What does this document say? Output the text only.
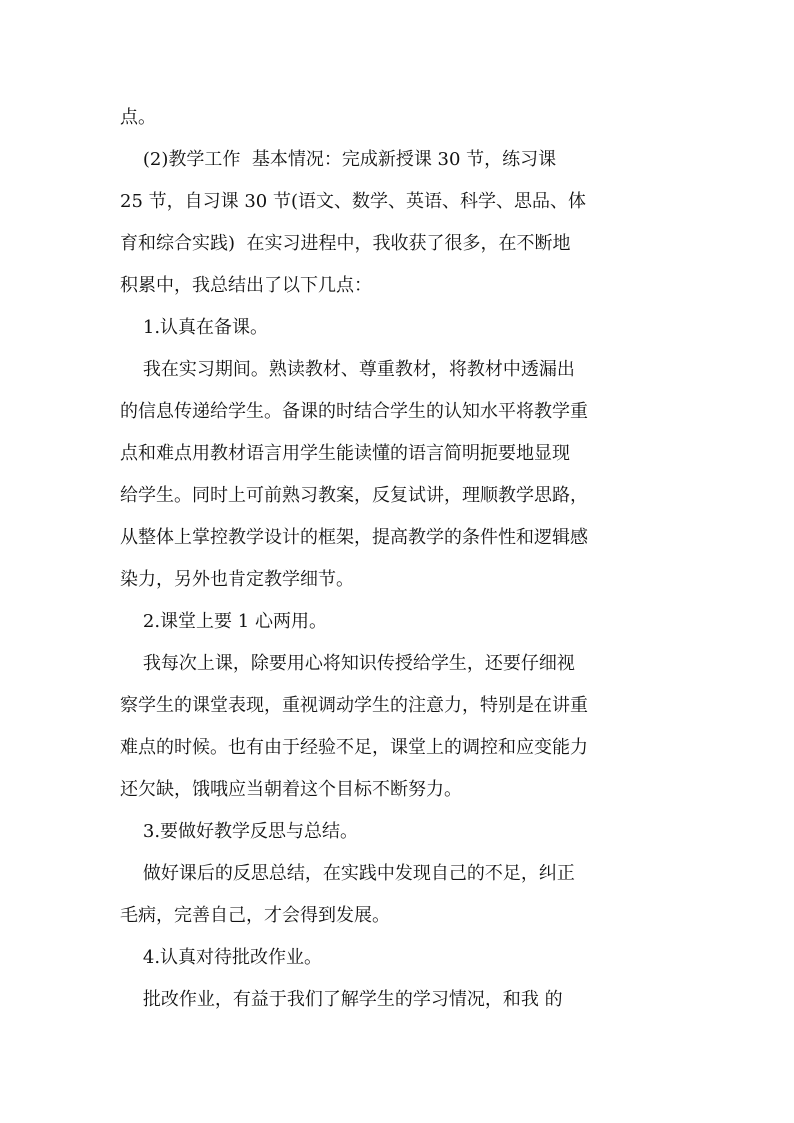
点。
(2)教学工作  基本情况：完成新授课 30 节，练习课
25 节，自习课 30 节(语文、数学、英语、科学、思品、体
育和综合实践)  在实习进程中，我收获了很多，在不断地
积累中，我总结出了以下几点：
1.认真在备课。
我在实习期间。熟读教材、尊重教材，将教材中透漏出
的信息传递给学生。备课的时结合学生的认知水平将教学重
点和难点用教材语言用学生能读懂的语言简明扼要地显现
给学生。同时上可前熟习教案，反复试讲，理顺教学思路，
从整体上掌控教学设计的框架，提高教学的条件性和逻辑感
染力，另外也肯定教学细节。
2.课堂上要 1 心两用。
我每次上课，除要用心将知识传授给学生，还要仔细视
察学生的课堂表现，重视调动学生的注意力，特别是在讲重
难点的时候。也有由于经验不足，课堂上的调控和应变能力
还欠缺，饿哦应当朝着这个目标不断努力。
3.要做好教学反思与总结。
做好课后的反思总结，在实践中发现自己的不足，纠正
毛病，完善自己，才会得到发展。
4.认真对待批改作业。
批改作业，有益于我们了解学生的学习情况，和我 的
